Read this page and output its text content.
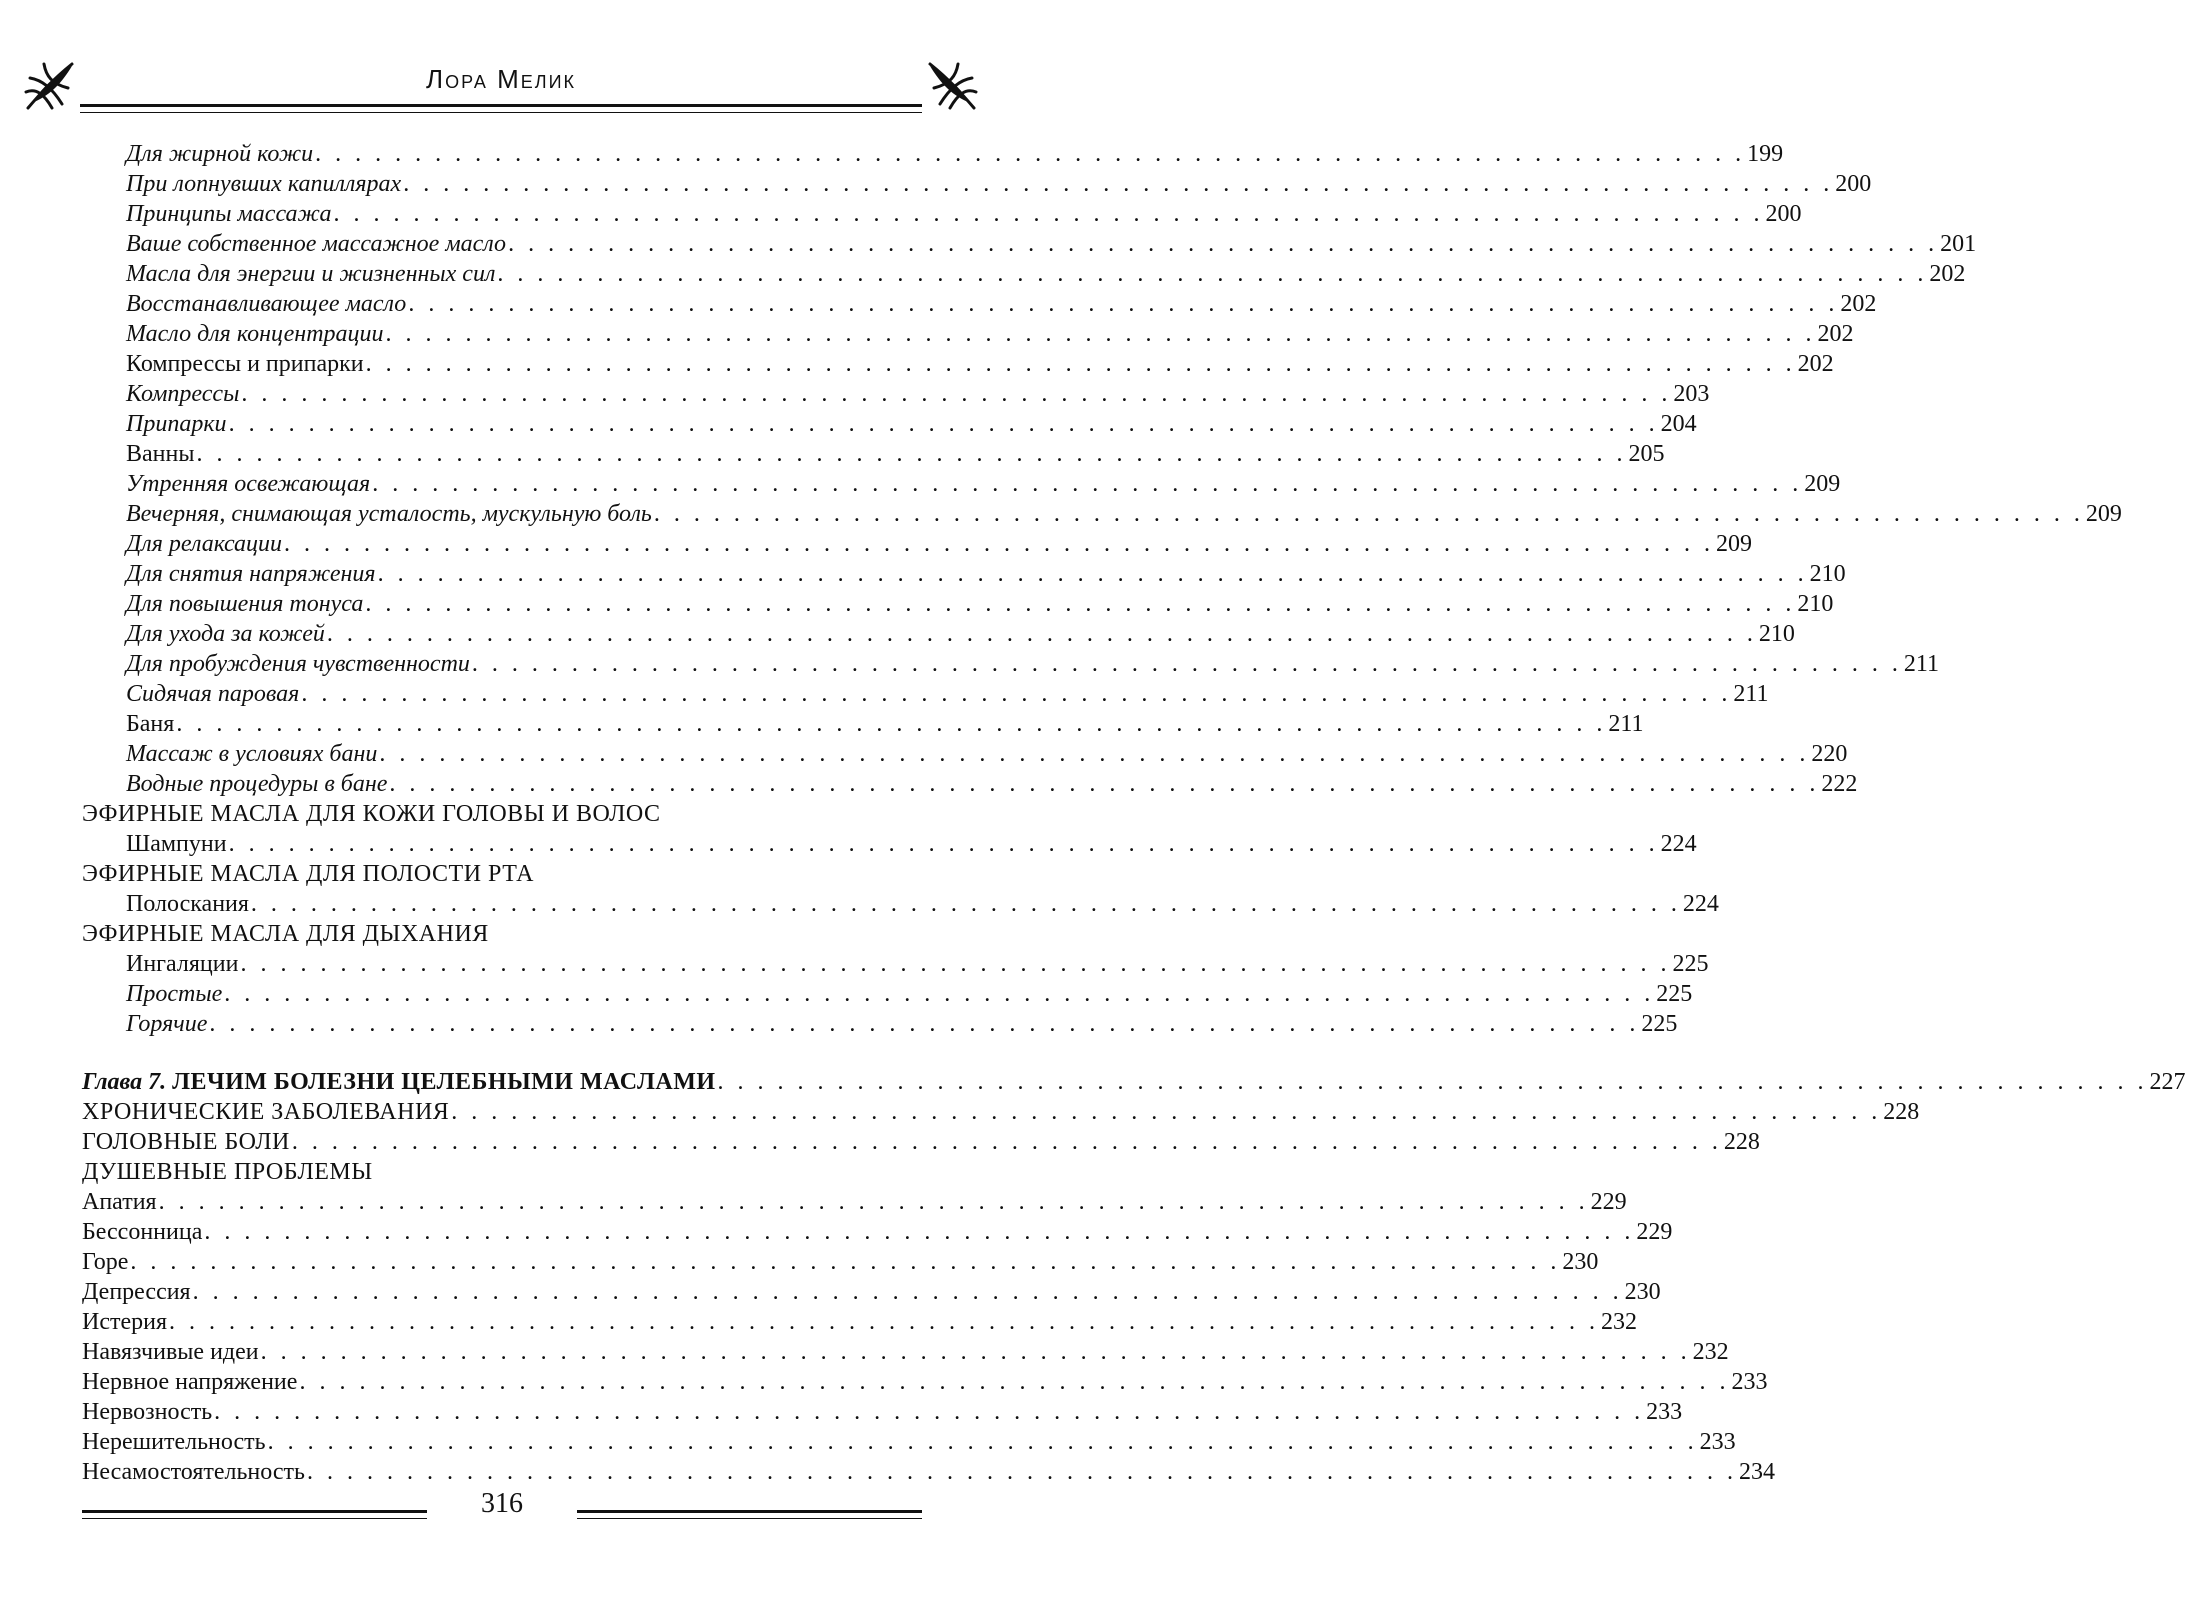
Лора Мелик
Для жирной кожи . . . . . . . . . . . . . . . . . . . . . . . . . . . . . . . . . . . . . . . . . . . . . . . . . . . . . . . . . . . . . . . . . . . . . . . . 199
При лопнувших капиллярах . . . . . . . . . . . . . . . . . . . . . . . . . . . . . . . . . . . . . . . . . . . . . . . . . . . . . . . . . . . . . . . . . . . . . . . . 200
Принципы массажа . . . . . . . . . . . . . . . . . . . . . . . . . . . . . . . . . . . . . . . . . . . . . . . . . . . . . . . . . . . . . . . . . . . . . . . . 200
Ваше собственное массажное масло . . . . . . . . . . . . . . . . . . . . . . . . . . . . . . . . . . . . . . . . . . . . . . . . . . . . . . . . . . . . . . . . . . . . . . . . 201
Масла для энергии и жизненных сил . . . . . . . . . . . . . . . . . . . . . . . . . . . . . . . . . . . . . . . . . . . . . . . . . . . . . . . . . . . . . . . . . . . . . . . . 202
Восстанавливающее масло . . . . . . . . . . . . . . . . . . . . . . . . . . . . . . . . . . . . . . . . . . . . . . . . . . . . . . . . . . . . . . . . . . . . . . . . 202
Масло для концентрации . . . . . . . . . . . . . . . . . . . . . . . . . . . . . . . . . . . . . . . . . . . . . . . . . . . . . . . . . . . . . . . . . . . . . . . . 202
Компрессы и припарки . . . . . . . . . . . . . . . . . . . . . . . . . . . . . . . . . . . . . . . . . . . . . . . . . . . . . . . . . . . . . . . . . . . . . . . . 202
Компрессы . . . . . . . . . . . . . . . . . . . . . . . . . . . . . . . . . . . . . . . . . . . . . . . . . . . . . . . . . . . . . . . . . . . . . . . . 203
Припарки . . . . . . . . . . . . . . . . . . . . . . . . . . . . . . . . . . . . . . . . . . . . . . . . . . . . . . . . . . . . . . . . . . . . . . . . 204
Ванны . . . . . . . . . . . . . . . . . . . . . . . . . . . . . . . . . . . . . . . . . . . . . . . . . . . . . . . . . . . . . . . . . . . . . . . . 205
Утренняя освежающая . . . . . . . . . . . . . . . . . . . . . . . . . . . . . . . . . . . . . . . . . . . . . . . . . . . . . . . . . . . . . . . . . . . . . . . . 209
Вечерняя, снимающая усталость, мускульную боль . . . . . . . . . . . . . . . . . . . . . . . . . . . . . . . . . . . . . . . . . . . . . . . . . . . . . . . . . . . . . . . . . . . . . . . . 209
Для релаксации . . . . . . . . . . . . . . . . . . . . . . . . . . . . . . . . . . . . . . . . . . . . . . . . . . . . . . . . . . . . . . . . . . . . . . . . 209
Для снятия напряжения . . . . . . . . . . . . . . . . . . . . . . . . . . . . . . . . . . . . . . . . . . . . . . . . . . . . . . . . . . . . . . . . . . . . . . . . 210
Для повышения тонуса . . . . . . . . . . . . . . . . . . . . . . . . . . . . . . . . . . . . . . . . . . . . . . . . . . . . . . . . . . . . . . . . . . . . . . . . 210
Для ухода за кожей . . . . . . . . . . . . . . . . . . . . . . . . . . . . . . . . . . . . . . . . . . . . . . . . . . . . . . . . . . . . . . . . . . . . . . . . 210
Для пробуждения чувственности . . . . . . . . . . . . . . . . . . . . . . . . . . . . . . . . . . . . . . . . . . . . . . . . . . . . . . . . . . . . . . . . . . . . . . . . 211
Сидячая паровая . . . . . . . . . . . . . . . . . . . . . . . . . . . . . . . . . . . . . . . . . . . . . . . . . . . . . . . . . . . . . . . . . . . . . . . . 211
Баня . . . . . . . . . . . . . . . . . . . . . . . . . . . . . . . . . . . . . . . . . . . . . . . . . . . . . . . . . . . . . . . . . . . . . . . . 211
Массаж в условиях бани . . . . . . . . . . . . . . . . . . . . . . . . . . . . . . . . . . . . . . . . . . . . . . . . . . . . . . . . . . . . . . . . . . . . . . . . 220
Водные процедуры в бане . . . . . . . . . . . . . . . . . . . . . . . . . . . . . . . . . . . . . . . . . . . . . . . . . . . . . . . . . . . . . . . . . . . . . . . . 222
ЭФИРНЫЕ МАСЛА ДЛЯ КОЖИ ГОЛОВЫ И ВОЛОС
Шампуни . . . . . . . . . . . . . . . . . . . . . . . . . . . . . . . . . . . . . . . . . . . . . . . . . . . . . . . . . . . . . . . . . . . . . . . . 224
ЭФИРНЫЕ МАСЛА ДЛЯ ПОЛОСТИ РТА
Полоскания . . . . . . . . . . . . . . . . . . . . . . . . . . . . . . . . . . . . . . . . . . . . . . . . . . . . . . . . . . . . . . . . . . . . . . . . 224
ЭФИРНЫЕ МАСЛА ДЛЯ ДЫХАНИЯ
Ингаляции . . . . . . . . . . . . . . . . . . . . . . . . . . . . . . . . . . . . . . . . . . . . . . . . . . . . . . . . . . . . . . . . . . . . . . . . 225
Простые . . . . . . . . . . . . . . . . . . . . . . . . . . . . . . . . . . . . . . . . . . . . . . . . . . . . . . . . . . . . . . . . . . . . . . . . 225
Горячие . . . . . . . . . . . . . . . . . . . . . . . . . . . . . . . . . . . . . . . . . . . . . . . . . . . . . . . . . . . . . . . . . . . . . . . . 225
Глава 7. ЛЕЧИМ БОЛЕЗНИ ЦЕЛЕБНЫМИ МАСЛАМИ . . . . . . . . . . . . . . . . . . . . . . . . . . . . . . . . . . . . . . . . . . . . . . . . . . . . . . . . . . . . . . . . . . . . . . . . 227
ХРОНИЧЕСКИЕ ЗАБОЛЕВАНИЯ . . . . . . . . . . . . . . . . . . . . . . . . . . . . . . . . . . . . . . . . . . . . . . . . . . . . . . . . . . . . . . . . . . . . . . . . 228
ГОЛОВНЫЕ БОЛИ . . . . . . . . . . . . . . . . . . . . . . . . . . . . . . . . . . . . . . . . . . . . . . . . . . . . . . . . . . . . . . . . . . . . . . . . 228
ДУШЕВНЫЕ ПРОБЛЕМЫ
Апатия . . . . . . . . . . . . . . . . . . . . . . . . . . . . . . . . . . . . . . . . . . . . . . . . . . . . . . . . . . . . . . . . . . . . . . . . 229
Бессонница . . . . . . . . . . . . . . . . . . . . . . . . . . . . . . . . . . . . . . . . . . . . . . . . . . . . . . . . . . . . . . . . . . . . . . . . 229
Горе . . . . . . . . . . . . . . . . . . . . . . . . . . . . . . . . . . . . . . . . . . . . . . . . . . . . . . . . . . . . . . . . . . . . . . . . 230
Депрессия . . . . . . . . . . . . . . . . . . . . . . . . . . . . . . . . . . . . . . . . . . . . . . . . . . . . . . . . . . . . . . . . . . . . . . . . 230
Истерия . . . . . . . . . . . . . . . . . . . . . . . . . . . . . . . . . . . . . . . . . . . . . . . . . . . . . . . . . . . . . . . . . . . . . . . . 232
Навязчивые идеи . . . . . . . . . . . . . . . . . . . . . . . . . . . . . . . . . . . . . . . . . . . . . . . . . . . . . . . . . . . . . . . . . . . . . . . . 232
Нервное напряжение . . . . . . . . . . . . . . . . . . . . . . . . . . . . . . . . . . . . . . . . . . . . . . . . . . . . . . . . . . . . . . . . . . . . . . . . 233
Нервозность . . . . . . . . . . . . . . . . . . . . . . . . . . . . . . . . . . . . . . . . . . . . . . . . . . . . . . . . . . . . . . . . . . . . . . . . 233
Нерешительность . . . . . . . . . . . . . . . . . . . . . . . . . . . . . . . . . . . . . . . . . . . . . . . . . . . . . . . . . . . . . . . . . . . . . . . . 233
Несамостоятельность . . . . . . . . . . . . . . . . . . . . . . . . . . . . . . . . . . . . . . . . . . . . . . . . . . . . . . . . . . . . . . . . . . . . . . . . 234
316
